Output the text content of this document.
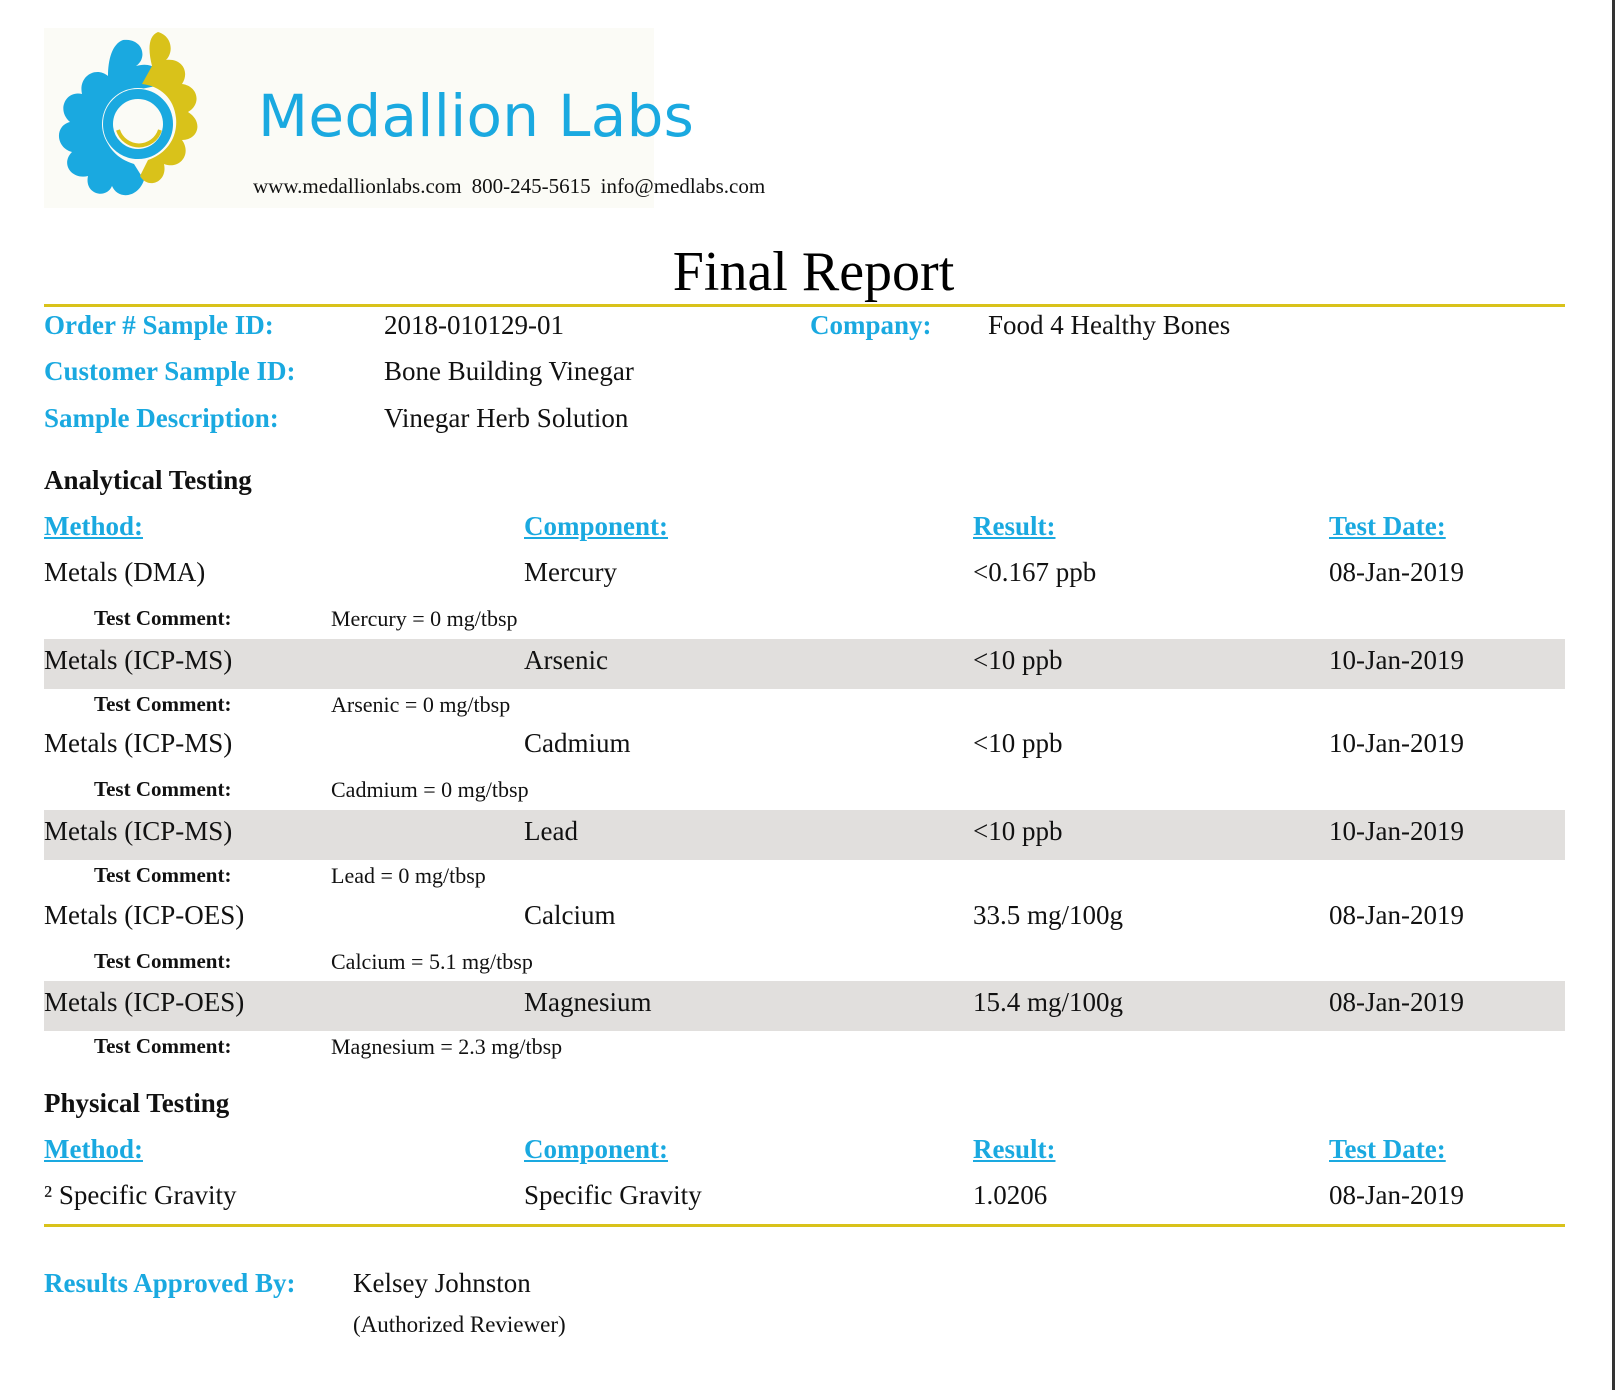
Medallion Labs
www.medallionlabs.com 800-245-5615 info@medlabs.com
Final Report
Order # Sample ID:	2018-010129-01	Company: Food 4 Healthy Bones
Customer Sample ID:	Bone Building Vinegar
Sample Description:	Vinegar Herb Solution
Analytical Testing
Method:	Component:	Result:	Test Date:
Metals (DMA)	Mercury	<0.167 ppb	08-Jan-2019
Test Comment:	Mercury = 0 mg/tbsp
Metals (ICP-MS)	Arsenic	<10 ppb	10-Jan-2019
Test Comment:	Arsenic = 0 mg/tbsp
Metals (ICP-MS)	Cadmium	<10 ppb	10-Jan-2019
Test Comment:	Cadmium = 0 mg/tbsp
Metals (ICP-MS)	Lead	<10 ppb	10-Jan-2019
Test Comment:	Lead = 0 mg/tbsp
Metals (ICP-OES)	Calcium	33.5 mg/100g	08-Jan-2019
Test Comment:	Calcium = 5.1 mg/tbsp
Metals (ICP-OES)	Magnesium	15.4 mg/100g	08-Jan-2019
Test Comment:	Magnesium = 2.3 mg/tbsp
Physical Testing
Method:	Component:	Result:	Test Date:
² Specific Gravity	Specific Gravity	1.0206	08-Jan-2019
Results Approved By: Kelsey Johnston
(Authorized Reviewer)
